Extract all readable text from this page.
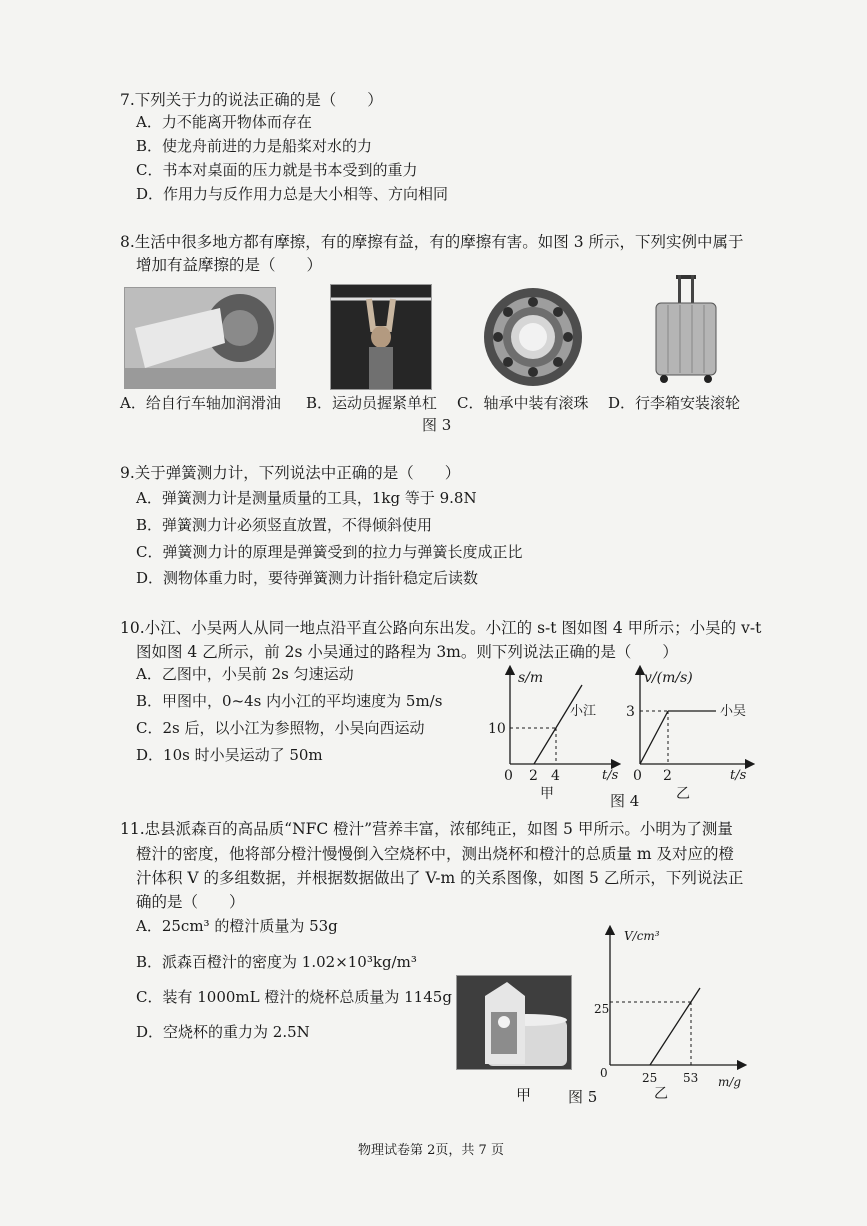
7.下列关于力的说法正确的是（　　）
A．力不能离开物体而存在
B．使龙舟前进的力是船桨对水的力
C．书本对桌面的压力就是书本受到的重力
D．作用力与反作用力总是大小相等、方向相同
8.生活中很多地方都有摩擦，有的摩擦有益，有的摩擦有害。如图 3 所示，下列实例中属于
增加有益摩擦的是（　　）
A．给自行车轴加润滑油 B．运动员握紧单杠 C．轴承中装有滚珠 D．行李箱安装滚轮
图 3
9.关于弹簧测力计，下列说法中正确的是（　　）
A．弹簧测力计是测量质量的工具，1kg 等于 9.8N
B．弹簧测力计必须竖直放置，不得倾斜使用
C．弹簧测力计的原理是弹簧受到的拉力与弹簧长度成正比
D．测物体重力时，要待弹簧测力计指针稳定后读数
10.小江、小吴两人从同一地点沿平直公路向东出发。小江的 s-t 图如图 4 甲所示；小吴的 v-t
图如图 4 乙所示，前 2s 小吴通过的路程为 3m。则下列说法正确的是（　　）
A．乙图中，小吴前 2s 匀速运动
B．甲图中，0~4s 内小江的平均速度为 5m/s
C．2s 后，以小江为参照物，小吴向西运动
D．10s 时小吴运动了 50m
s/m
10
0 2 4	t/s
小江
甲
v/(m/s)
3
0 2	t/s
小吴
乙
图 4
11.忠县派森百的高品质“NFC 橙汁”营养丰富，浓郁纯正，如图 5 甲所示。小明为了测量
橙汁的密度，他将部分橙汁慢慢倒入空烧杯中，测出烧杯和橙汁的总质量 m 及对应的橙
汁体积 V 的多组数据，并根据数据做出了 V-m 的关系图像，如图 5 乙所示，下列说法正
确的是（　　）
A．25cm³ 的橙汁质量为 53g
B．派森百橙汁的密度为 1.02×10³kg/m³
C．装有 1000mL 橙汁的烧杯总质量为 1145g
D．空烧杯的重力为 2.5N
V/cm³
25
0	25 53 m/g
乙
甲 图 5
物理试卷第 2页，共 7 页
